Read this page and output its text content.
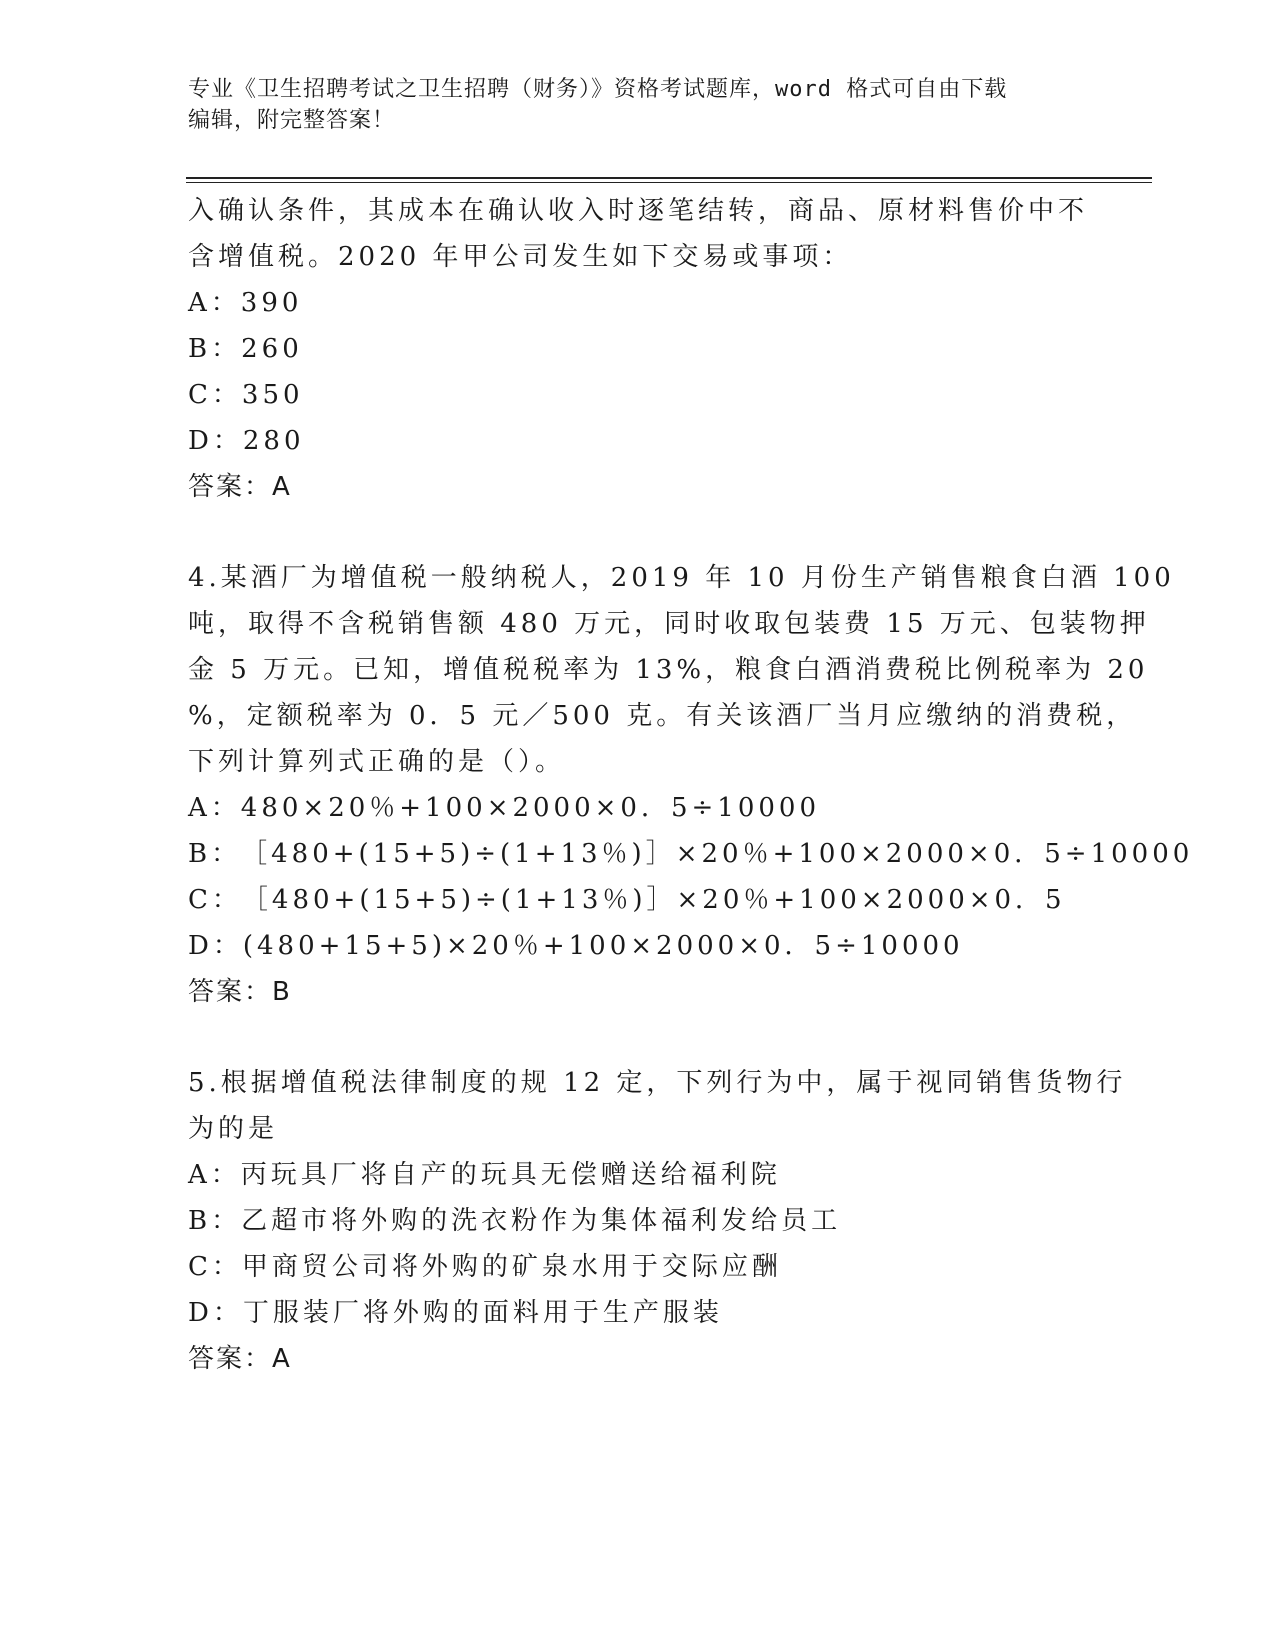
专业《卫生招聘考试之卫生招聘（财务）》资格考试题库，word 格式可自由下载
编辑，附完整答案！
入确认条件，其成本在确认收入时逐笔结转，商品、原材料售价中不
含增值税。2020 年甲公司发生如下交易或事项：
A：390
B：260
C：350
D：280
答案：A
4.某酒厂为增值税一般纳税人，2019 年 10 月份生产销售粮食白酒 100
吨，取得不含税销售额 480 万元，同时收取包装费 15 万元、包装物押
金 5 万元。已知，增值税税率为 13%，粮食白酒消费税比例税率为 20
%，定额税率为 0．5 元／500 克。有关该酒厂当月应缴纳的消费税，
下列计算列式正确的是（）。
A：480×20％+100×2000×0．5÷10000
B：［480+(15+5)÷(1+13％)］×20％+100×2000×0．5÷10000
C：［480+(15+5)÷(1+13％)］×20％+100×2000×0．5
D：(480+15+5)×20％+100×2000×0．5÷10000
答案：B
5.根据增值税法律制度的规 12 定，下列行为中，属于视同销售货物行
为的是
A：丙玩具厂将自产的玩具无偿赠送给福利院
B：乙超市将外购的洗衣粉作为集体福利发给员工
C：甲商贸公司将外购的矿泉水用于交际应酬
D：丁服装厂将外购的面料用于生产服装
答案：A
